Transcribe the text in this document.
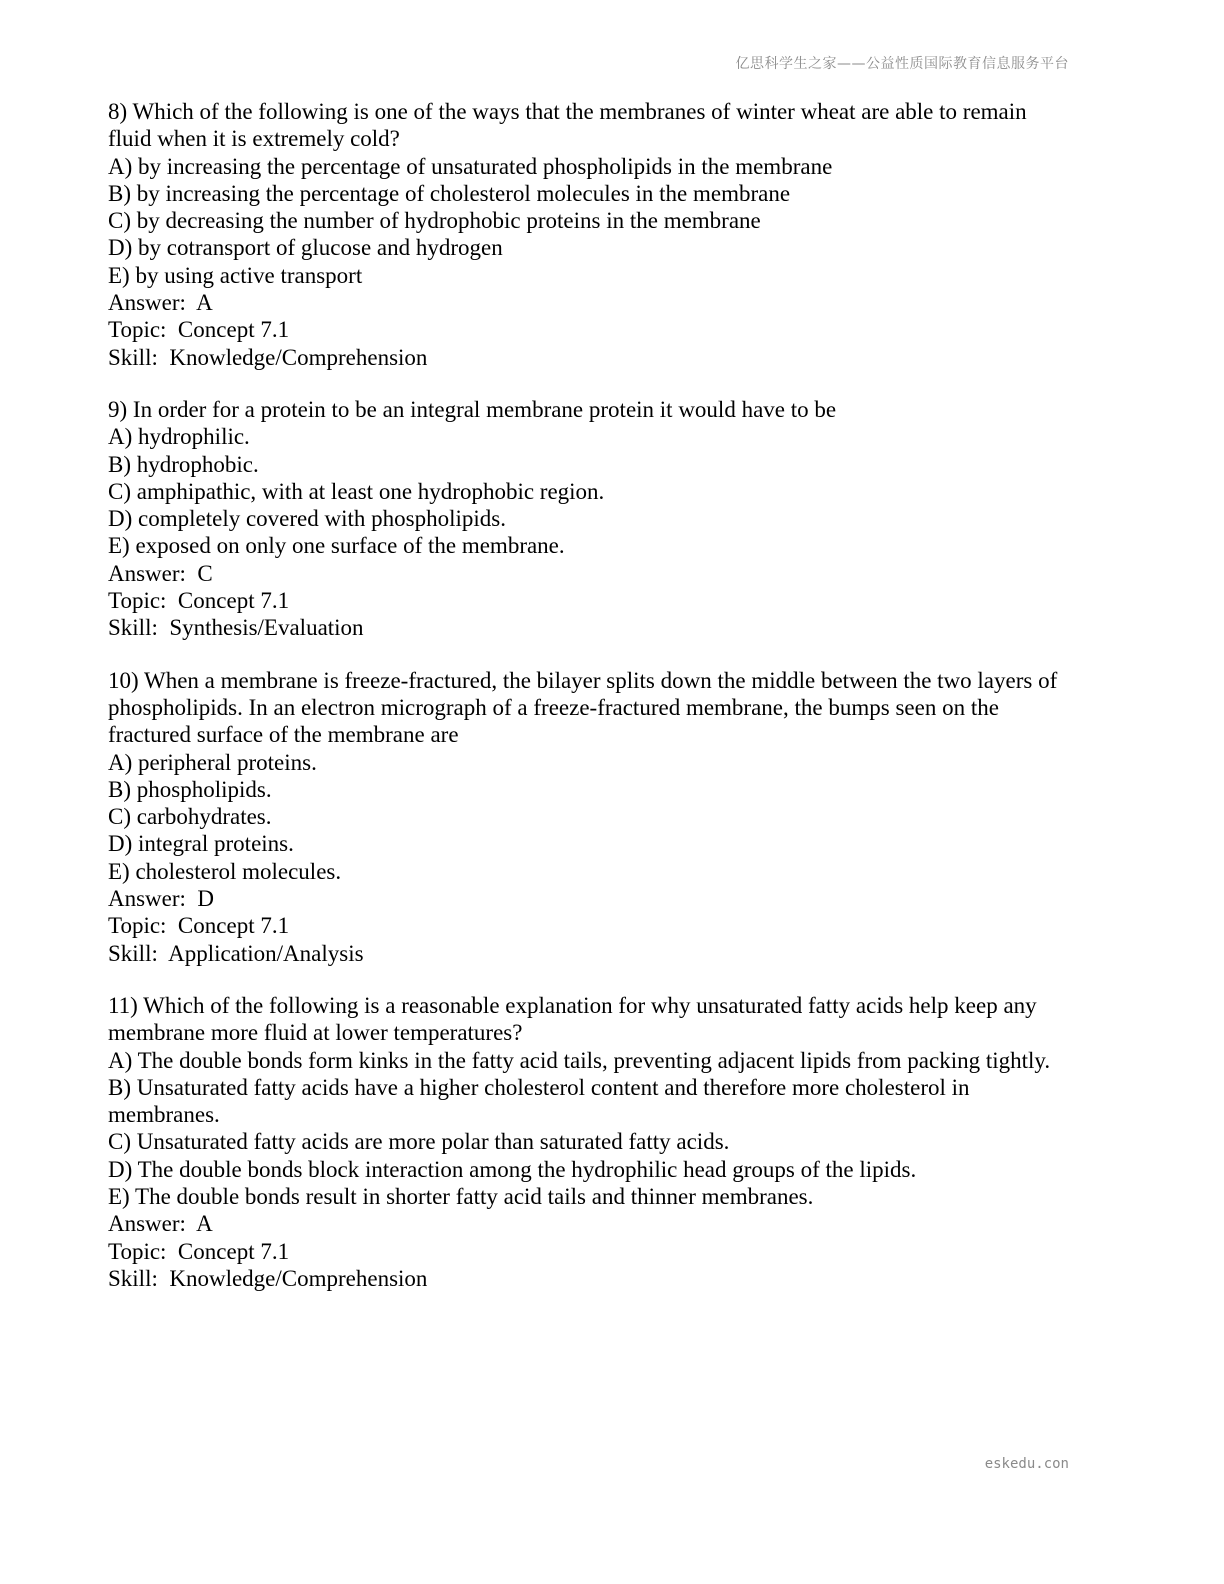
亿思科学生之家——公益性质国际教育信息服务平台
8) Which of the following is one of the ways that the membranes of winter wheat are able to remain
fluid when it is extremely cold?
A) by increasing the percentage of unsaturated phospholipids in the membrane
B) by increasing the percentage of cholesterol molecules in the membrane
C) by decreasing the number of hydrophobic proteins in the membrane
D) by cotransport of glucose and hydrogen
E) by using active transport
Answer:  A
Topic:  Concept 7.1
Skill:  Knowledge/Comprehension
9) In order for a protein to be an integral membrane protein it would have to be
A) hydrophilic.
B) hydrophobic.
C) amphipathic, with at least one hydrophobic region.
D) completely covered with phospholipids.
E) exposed on only one surface of the membrane.
Answer:  C
Topic:  Concept 7.1
Skill:  Synthesis/Evaluation
10) When a membrane is freeze-fractured, the bilayer splits down the middle between the two layers of
phospholipids. In an electron micrograph of a freeze-fractured membrane, the bumps seen on the
fractured surface of the membrane are
A) peripheral proteins.
B) phospholipids.
C) carbohydrates.
D) integral proteins.
E) cholesterol molecules.
Answer:  D
Topic:  Concept 7.1
Skill:  Application/Analysis
11) Which of the following is a reasonable explanation for why unsaturated fatty acids help keep any
membrane more fluid at lower temperatures?
A) The double bonds form kinks in the fatty acid tails, preventing adjacent lipids from packing tightly.
B) Unsaturated fatty acids have a higher cholesterol content and therefore more cholesterol in
membranes.
C) Unsaturated fatty acids are more polar than saturated fatty acids.
D) The double bonds block interaction among the hydrophilic head groups of the lipids.
E) The double bonds result in shorter fatty acid tails and thinner membranes.
Answer:  A
Topic:  Concept 7.1
Skill:  Knowledge/Comprehension
eskedu.con
